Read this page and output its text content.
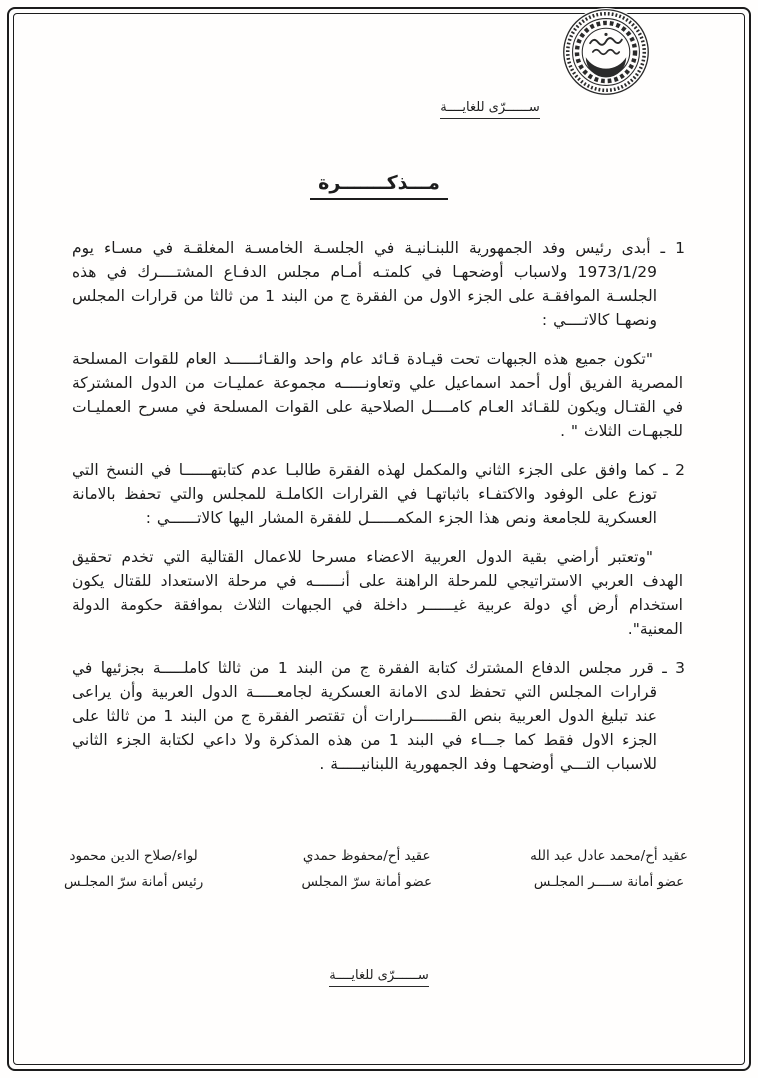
ســــــرّى للغايــــة
مـــذكـــــــرة

1 ـ أبدى رئيس وفد الجمهورية اللبنـانيـة في الجلسـة الخامسـة المغلقـة في مسـاء يوم 1973/1/29 ولاسباب أوضحهـا في كلمتـه أمـام مجلس الدفـاع المشتــــرك في هذه الجلسـة الموافقـة على الجزء الاول من الفقرة ج من البند 1 من ثالثا من قرارات المجلس ونصهـا كالاتــــي :

"تكون جميع هذه الجبهات تحت قيـادة قـائد عام واحد والقـائــــــد العام للقوات المسلحة المصرية الفريق أول أحمد اسماعيل علي وتعاونـــــه مجموعة عمليـات من الدول المشتركة في القتـال ويكون للقـائد العـام كامــــل الصلاحية على القوات المسلحة في مسرح العمليـات للجبهـات الثلاث " .

2 ـ كما وافق على الجزء الثاني والمكمل لهذه الفقرة طالبـا عدم كتابتهــــــا في النسخ التي توزع على الوفود والاكتفـاء باثباتهـا في القرارات الكاملـة للمجلس والتي تحفظ بالامانة العسكرية للجامعة ونص هذا الجزء المكمــــــل للفقرة المشار اليها كالاتــــــي :

"وتعتبر أراضي بقية الدول العربية الاعضاء مسرحا للاعمال القتالية التي تخدم تحقيق الهدف العربي الاستراتيجي للمرحلة الراهنة على أنــــــه في مرحلة الاستعداد للقتال يكون استخدام أرض أي دولة عربية غيــــــر داخلة في الجبهات الثلاث بموافقة حكومة الدولة المعنية".

3 ـ قرر مجلس الدفاع المشترك كتابة الفقرة ج من البند 1 من ثالثا كاملـــــة بجزئيها في قرارات المجلس التي تحفظ لدى الامانة العسكرية لجامعـــــة الدول العربية وأن يراعى عند تبليغ الدول العربية بنص القــــــــرارات أن تقتصر الفقرة ج من البند 1 من ثالثا على الجزء الاول فقط كما جـــاء في البند 1 من هذه المذكرة ولا داعي لكتابة الجزء الثاني للاسباب التـــي أوضحهـا وفد الجمهورية اللبنانيـــــة .

عقيد أح/محمد عادل عبد الله
عضو أمانة ســــر المجلـس
عقيد أح/محفوظ حمدي
عضو أمانة سرّ المجلس
لواء/صلاح الدين محمود
رئيس أمانة سرّ المجلـس
ســــــرّى للغايــــة
